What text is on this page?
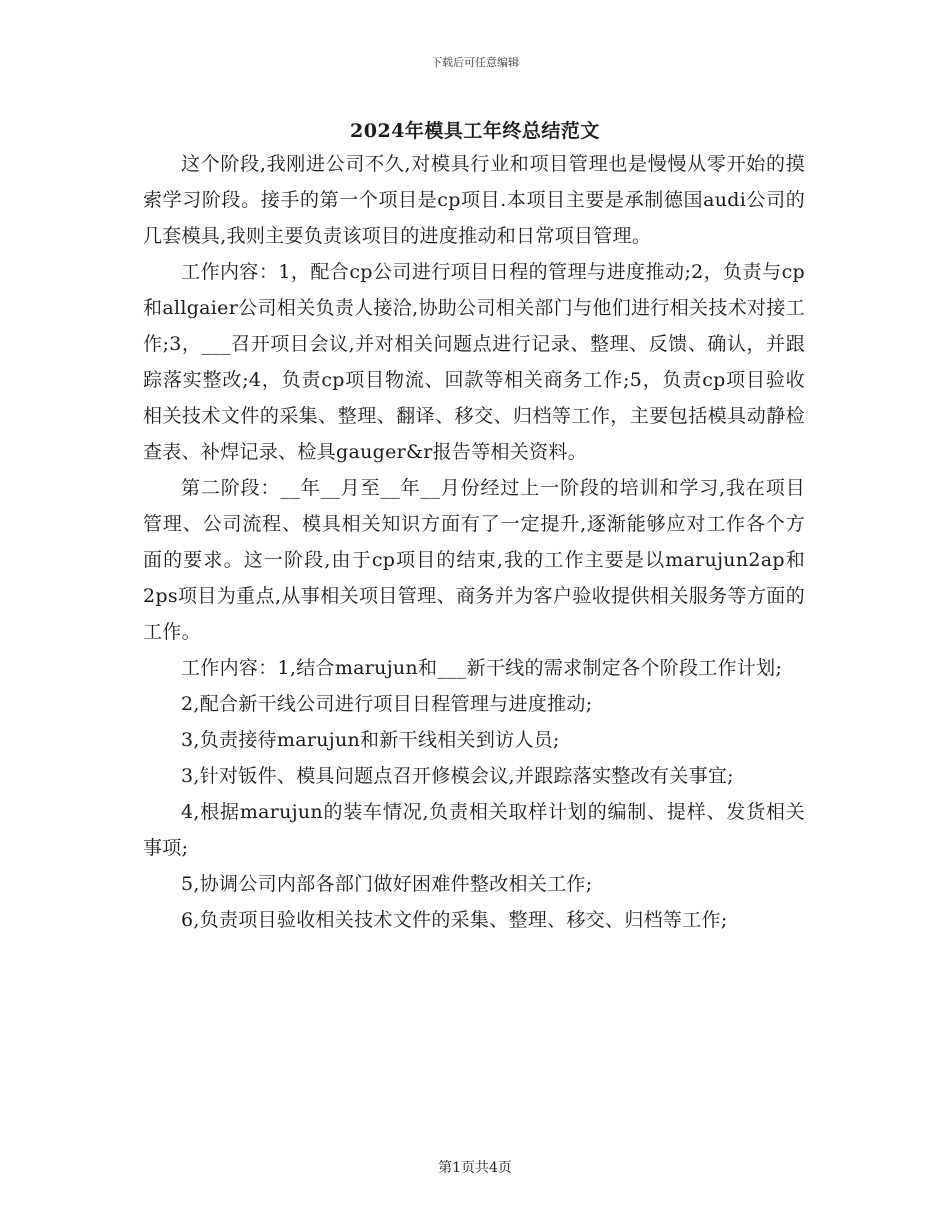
下载后可任意编辑
2024年模具工年终总结范文

这个阶段,我刚进公司不久,对模具行业和项目管理也是慢慢从零开始的摸索学习阶段。接手的第一个项目是cp项目.本项目主要是承制德国audi公司的几套模具,我则主要负责该项目的进度推动和日常项目管理。

工作内容：1，配合cp公司进行项目日程的管理与进度推动;2，负责与cp和allgaier公司相关负责人接洽,协助公司相关部门与他们进行相关技术对接工作;3，___召开项目会议,并对相关问题点进行记录、整理、反馈、确认，并跟踪落实整改;4，负责cp项目物流、回款等相关商务工作;5，负责cp项目验收相关技术文件的采集、整理、翻译、移交、归档等工作，主要包括模具动静检查表、补焊记录、检具gauger&r报告等相关资料。

第二阶段：__年__月至__年__月份经过上一阶段的培训和学习,我在项目管理、公司流程、模具相关知识方面有了一定提升,逐渐能够应对工作各个方面的要求。这一阶段,由于cp项目的结束,我的工作主要是以marujun2ap和2ps项目为重点,从事相关项目管理、商务并为客户验收提供相关服务等方面的工作。

工作内容：1,结合marujun和___新干线的需求制定各个阶段工作计划;

2,配合新干线公司进行项目日程管理与进度推动;

3,负责接待marujun和新干线相关到访人员;

3,针对钣件、模具问题点召开修模会议,并跟踪落实整改有关事宜;

4,根据marujun的装车情况,负责相关取样计划的编制、提样、发货相关事项;

5,协调公司内部各部门做好困难件整改相关工作;

6,负责项目验收相关技术文件的采集、整理、移交、归档等工作;

第1页共4页
